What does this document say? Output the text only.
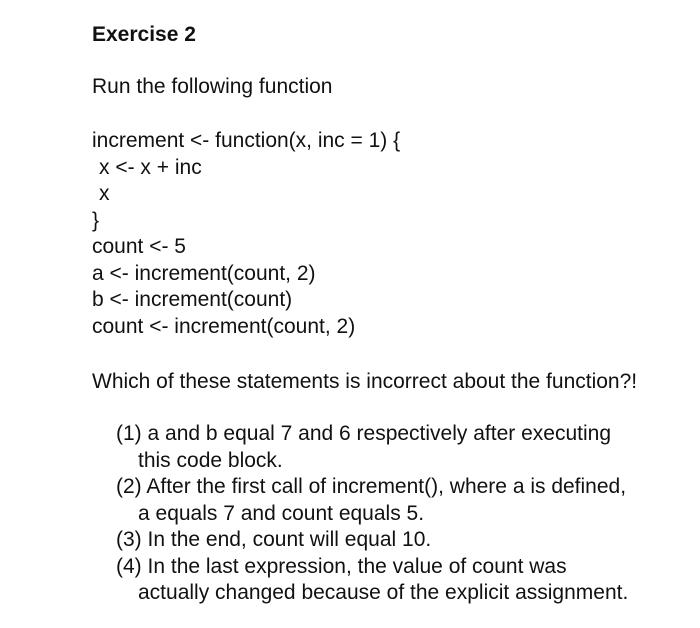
Exercise 2
Run the following function
increment <- function(x, inc = 1) {
x <- x + inc
x
}
count <- 5
a <- increment(count, 2)
b <- increment(count)
count <- increment(count, 2)
Which of these statements is incorrect about the function?!
(1) a and b equal 7 and 6 respectively after executing
this code block.
(2) After the first call of increment(), where a is defined,
a equals 7 and count equals 5.
(3) In the end, count will equal 10.
(4) In the last expression, the value of count was
actually changed because of the explicit assignment.
